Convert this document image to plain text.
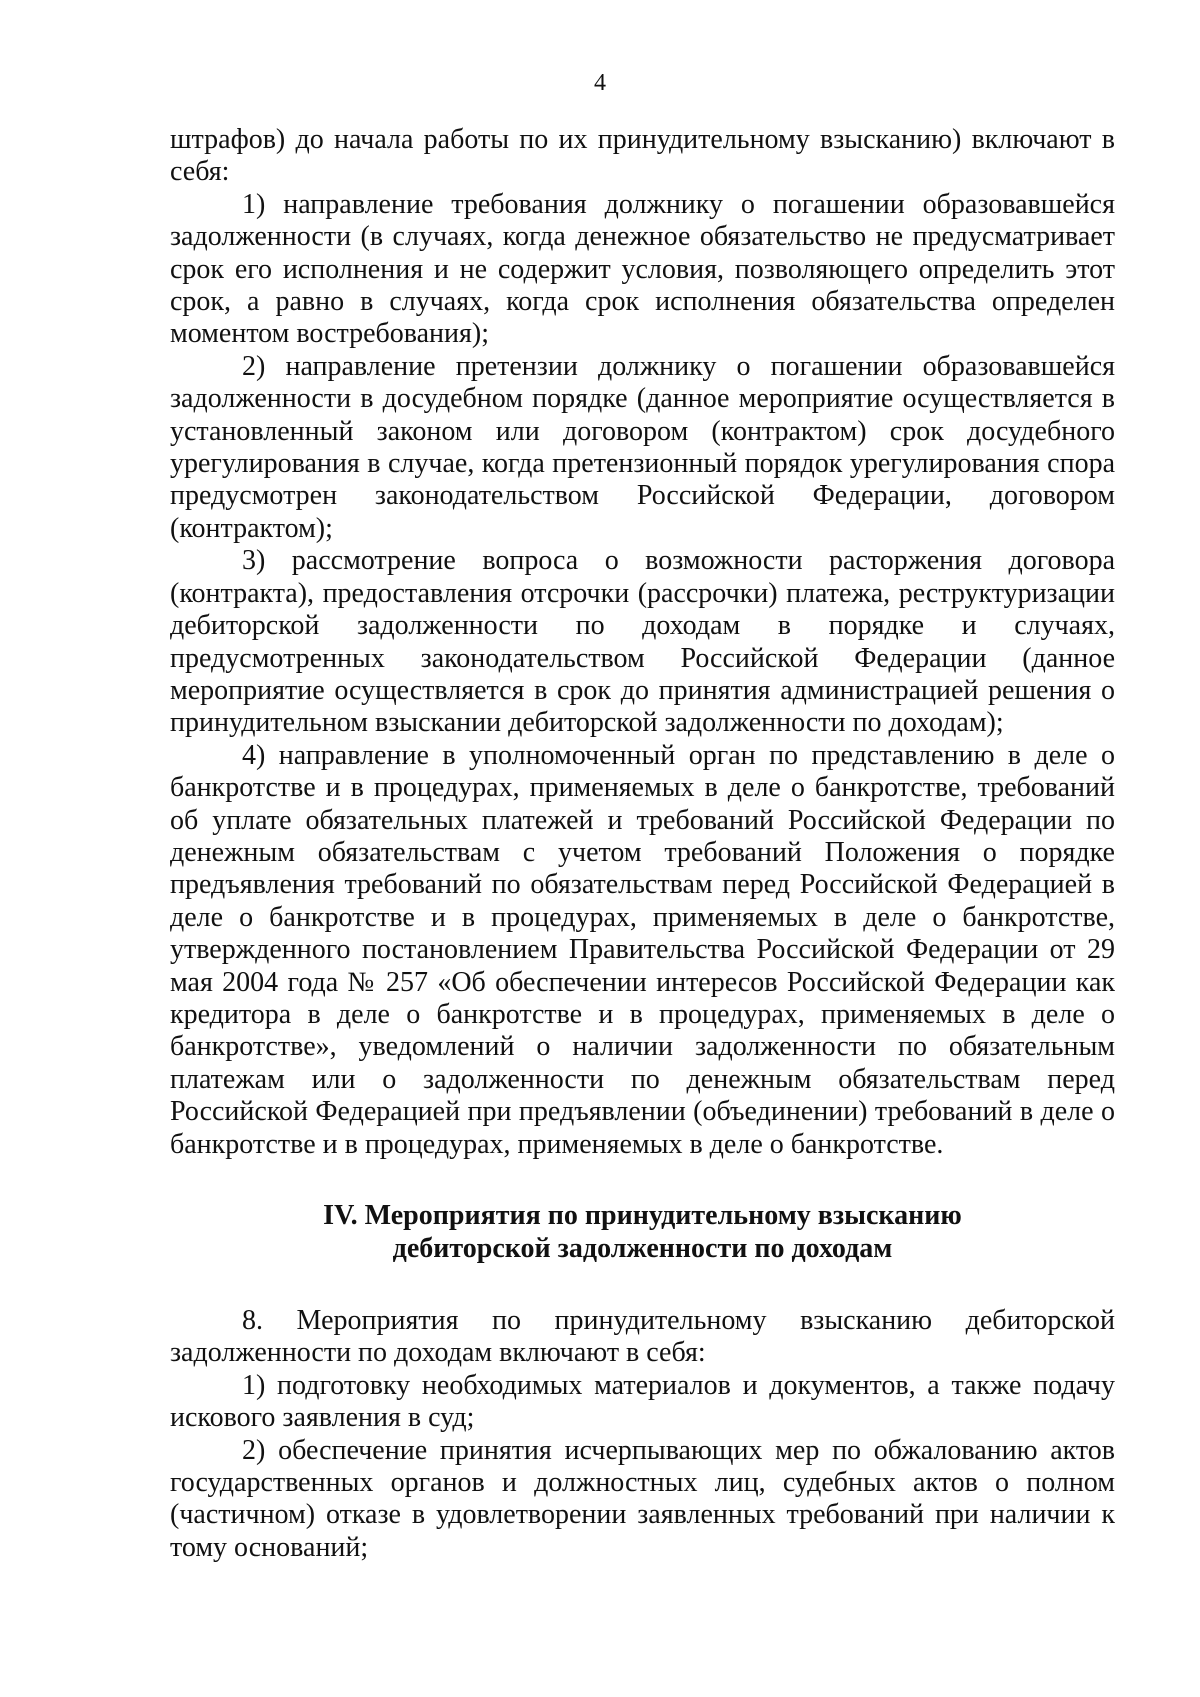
4

штрафов) до начала работы по их принудительному взысканию) включают в себя:

1) направление требования должнику о погашении образовавшейся задолженности (в случаях, когда денежное обязательство не предусматривает срок его исполнения и не содержит условия, позволяющего определить этот срок, а равно в случаях, когда срок исполнения обязательства определен моментом востребования);

2) направление претензии должнику о погашении образовавшейся задолженности в досудебном порядке (данное мероприятие осуществляется в установленный законом или договором (контрактом) срок досудебного урегулирования в случае, когда претензионный порядок урегулирования спора предусмотрен законодательством Российской Федерации, договором (контрактом);

3) рассмотрение вопроса о возможности расторжения договора (контракта), предоставления отсрочки (рассрочки) платежа, реструктуризации дебиторской задолженности по доходам в порядке и случаях, предусмотренных законодательством Российской Федерации (данное мероприятие осуществляется в срок до принятия администрацией решения о принудительном взыскании дебиторской задолженности по доходам);

4) направление в уполномоченный орган по представлению в деле о банкротстве и в процедурах, применяемых в деле о банкротстве, требований об уплате обязательных платежей и требований Российской Федерации по денежным обязательствам с учетом требований Положения о порядке предъявления требований по обязательствам перед Российской Федерацией в деле о банкротстве и в процедурах, применяемых в деле о банкротстве, утвержденного постановлением Правительства Российской Федерации от 29 мая 2004 года № 257 «Об обеспечении интересов Российской Федерации как кредитора в деле о банкротстве и в процедурах, применяемых в деле о банкротстве», уведомлений о наличии задолженности по обязательным платежам или о задолженности по денежным обязательствам перед Российской Федерацией при предъявлении (объединении) требований в деле о банкротстве и в процедурах, применяемых в деле о банкротстве.

IV. Мероприятия по принудительному взысканию
дебиторской задолженности по доходам

8. Мероприятия по принудительному взысканию дебиторской задолженности по доходам включают в себя:

1) подготовку необходимых материалов и документов, а также подачу искового заявления в суд;

2) обеспечение принятия исчерпывающих мер по обжалованию актов государственных органов и должностных лиц, судебных актов о полном (частичном) отказе в удовлетворении заявленных требований при наличии к тому оснований;
